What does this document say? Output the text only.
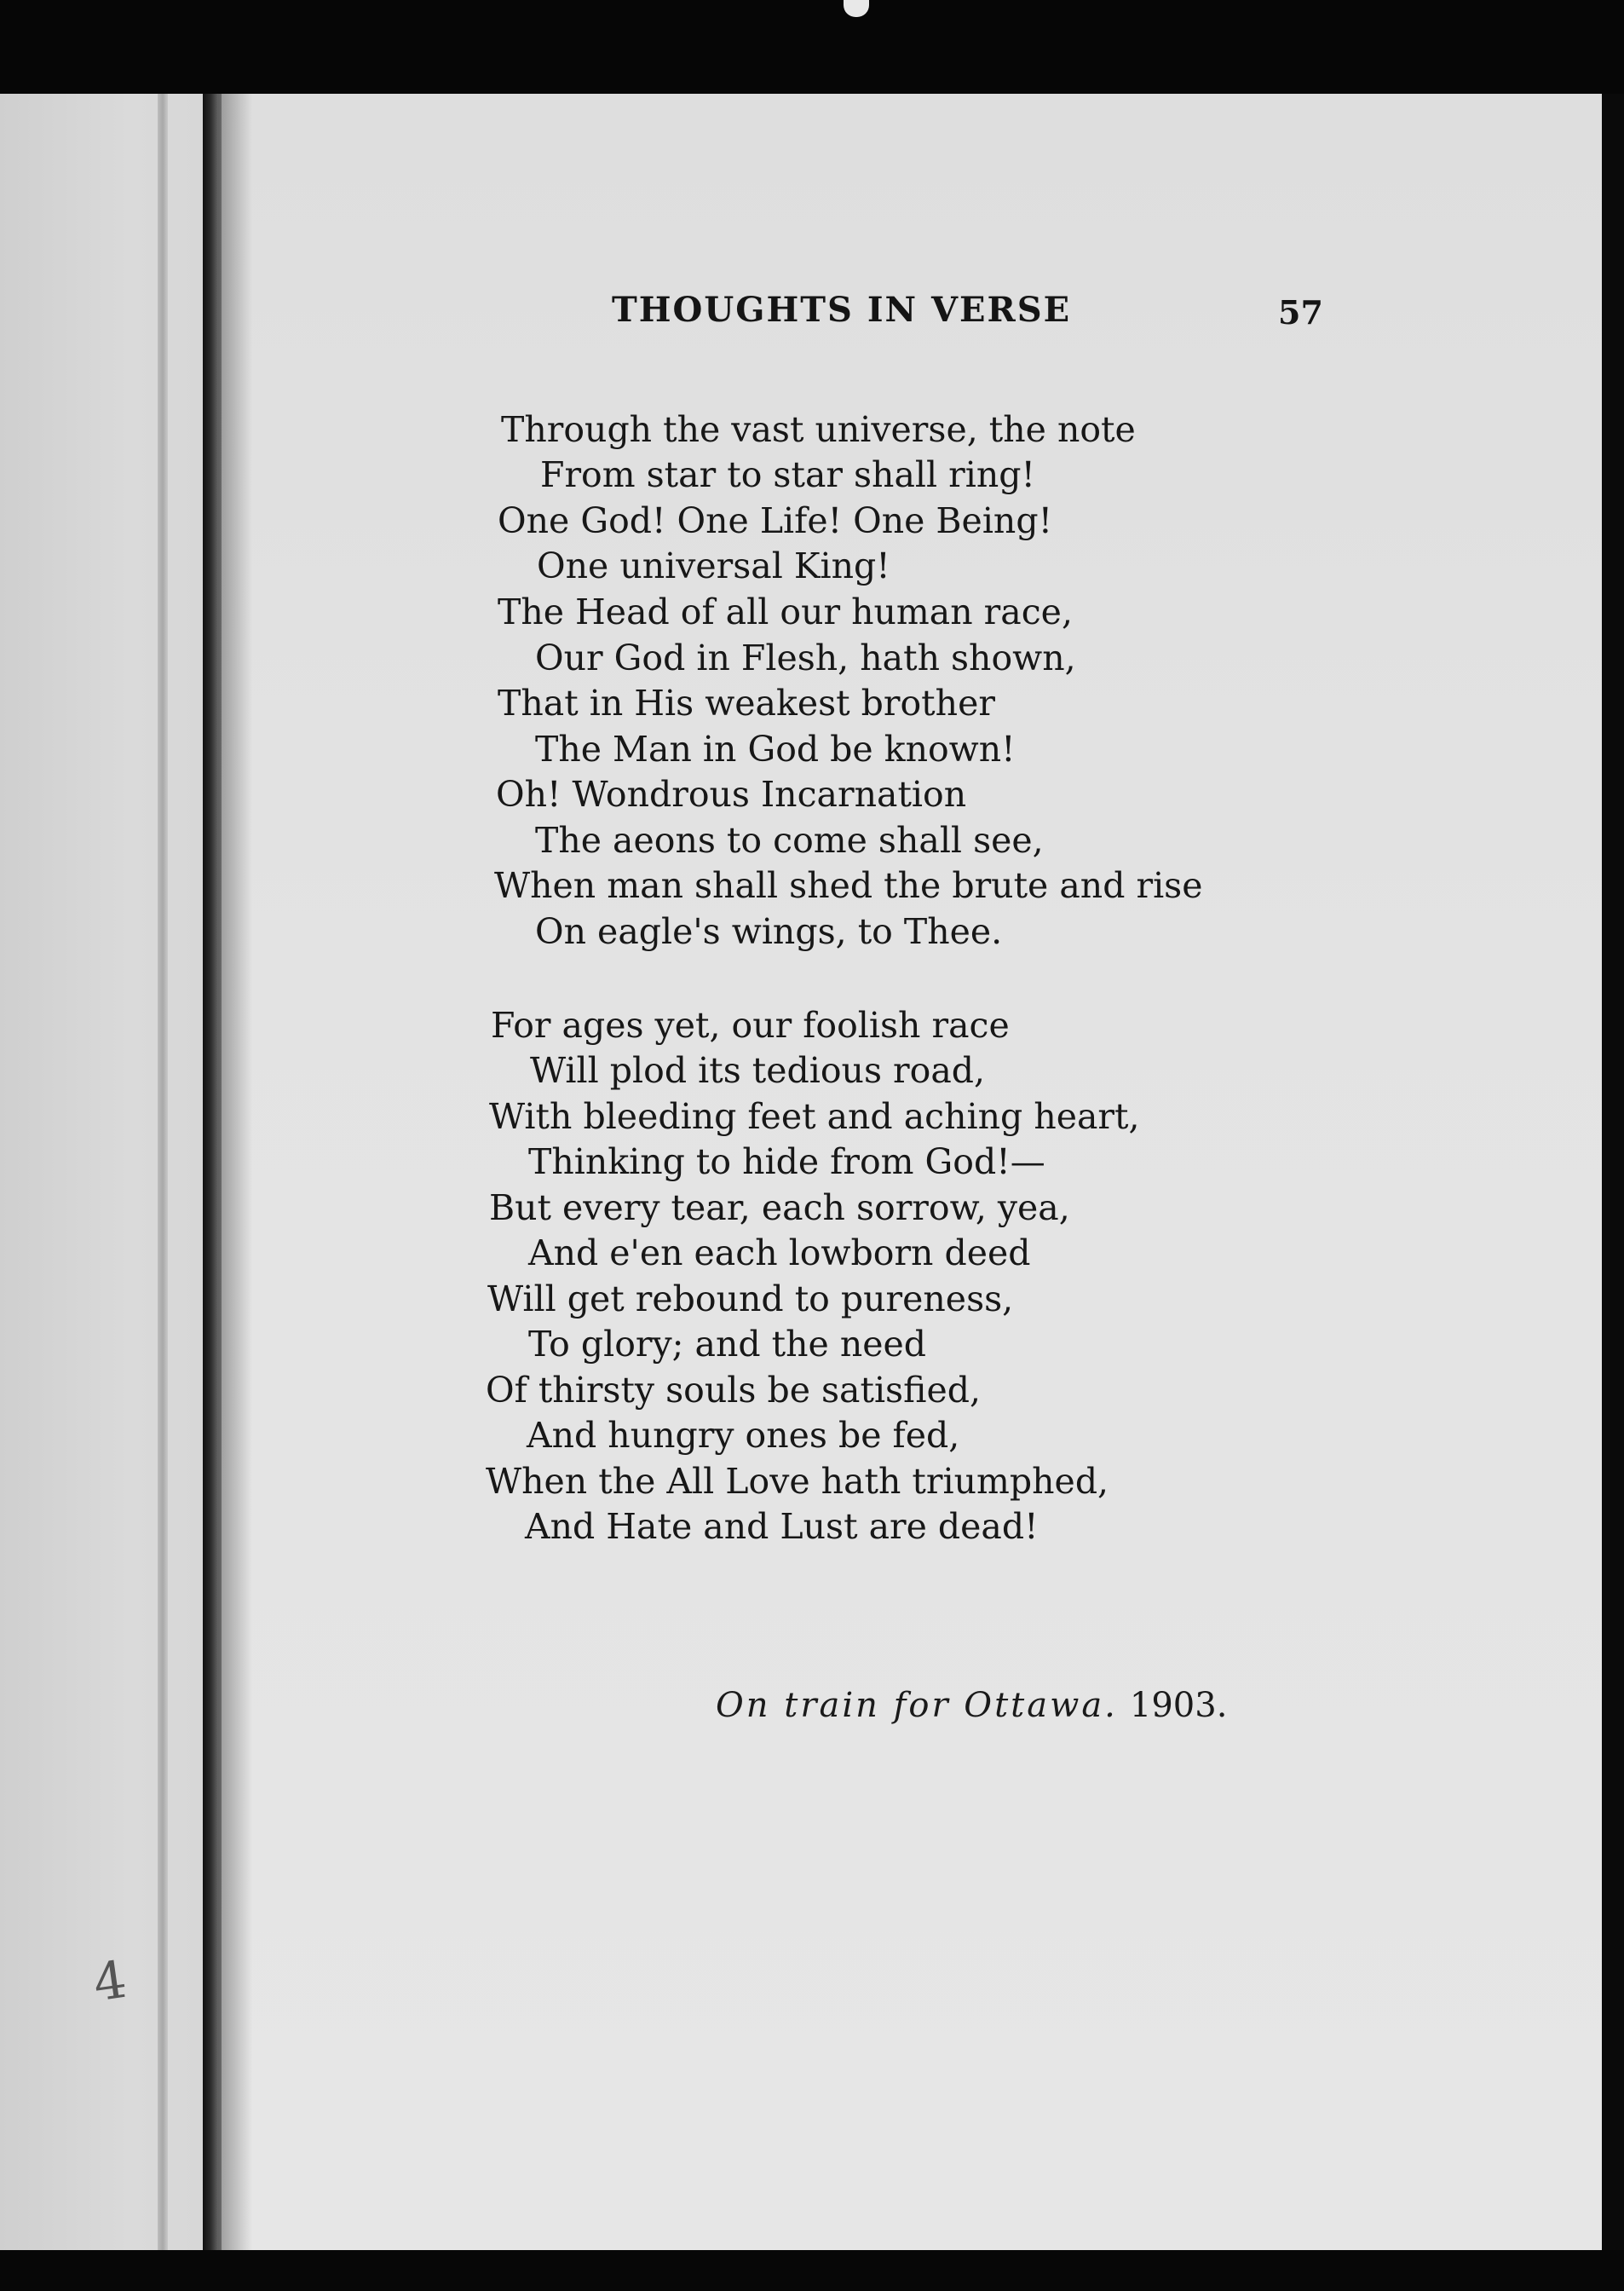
4
THOUGHTS IN VERSE	57
Through the vast universe, the note
From star to star shall ring!
One God! One Life! One Being!
One universal King!
The Head of all our human race,
Our God in Flesh, hath shown,
That in His weakest brother
The Man in God be known!
Oh! Wondrous Incarnation
The aeons to come shall see,
When man shall shed the brute and rise
On eagle's wings, to Thee.
For ages yet, our foolish race
Will plod its tedious road,
With bleeding feet and aching heart,
Thinking to hide from God!—
But every tear, each sorrow, yea,
And e'en each lowborn deed
Will get rebound to pureness,
To glory; and the need
Of thirsty souls be satisfied,
And hungry ones be fed,
When the All Love hath triumphed,
And Hate and Lust are dead!
On train for Ottawa. 1903.
